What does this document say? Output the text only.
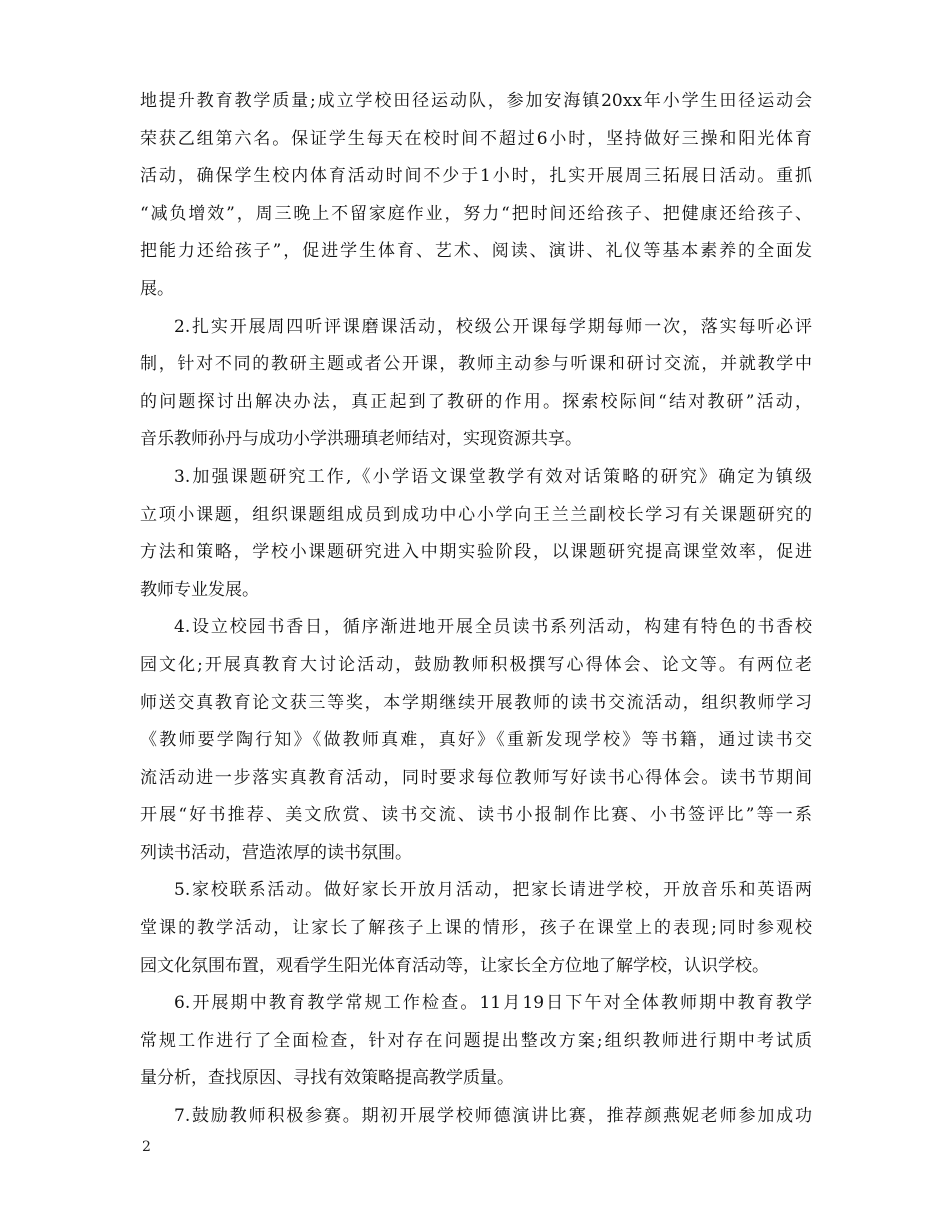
地提升教育教学质量;成立学校田径运动队，参加安海镇20xx年小学生田径运动会
荣获乙组第六名。保证学生每天在校时间不超过6小时，坚持做好三操和阳光体育
活动，确保学生校内体育活动时间不少于1小时，扎实开展周三拓展日活动。重抓
“减负增效”，周三晚上不留家庭作业，努力“把时间还给孩子、把健康还给孩子、
把能力还给孩子”，促进学生体育、艺术、阅读、演讲、礼仪等基本素养的全面发
展。
2.扎实开展周四听评课磨课活动，校级公开课每学期每师一次，落实每听必评
制，针对不同的教研主题或者公开课，教师主动参与听课和研讨交流，并就教学中
的问题探讨出解决办法，真正起到了教研的作用。探索校际间“结对教研”活动，
音乐教师孙丹与成功小学洪珊瑱老师结对，实现资源共享。
3.加强课题研究工作,《小学语文课堂教学有效对话策略的研究》确定为镇级
立项小课题，组织课题组成员到成功中心小学向王兰兰副校长学习有关课题研究的
方法和策略，学校小课题研究进入中期实验阶段，以课题研究提高课堂效率，促进
教师专业发展。
4.设立校园书香日，循序渐进地开展全员读书系列活动，构建有特色的书香校
园文化;开展真教育大讨论活动，鼓励教师积极撰写心得体会、论文等。有两位老
师送交真教育论文获三等奖，本学期继续开展教师的读书交流活动，组织教师学习
《教师要学陶行知》《做教师真难，真好》《重新发现学校》等书籍，通过读书交
流活动进一步落实真教育活动，同时要求每位教师写好读书心得体会。读书节期间
开展“好书推荐、美文欣赏、读书交流、读书小报制作比赛、小书签评比”等一系
列读书活动，营造浓厚的读书氛围。
5.家校联系活动。做好家长开放月活动，把家长请进学校，开放音乐和英语两
堂课的教学活动，让家长了解孩子上课的情形，孩子在课堂上的表现;同时参观校
园文化氛围布置，观看学生阳光体育活动等，让家长全方位地了解学校，认识学校。
6.开展期中教育教学常规工作检查。11月19日下午对全体教师期中教育教学
常规工作进行了全面检查，针对存在问题提出整改方案;组织教师进行期中考试质
量分析，查找原因、寻找有效策略提高教学质量。
7.鼓励教师积极参赛。期初开展学校师德演讲比赛，推荐颜燕妮老师参加成功
2
